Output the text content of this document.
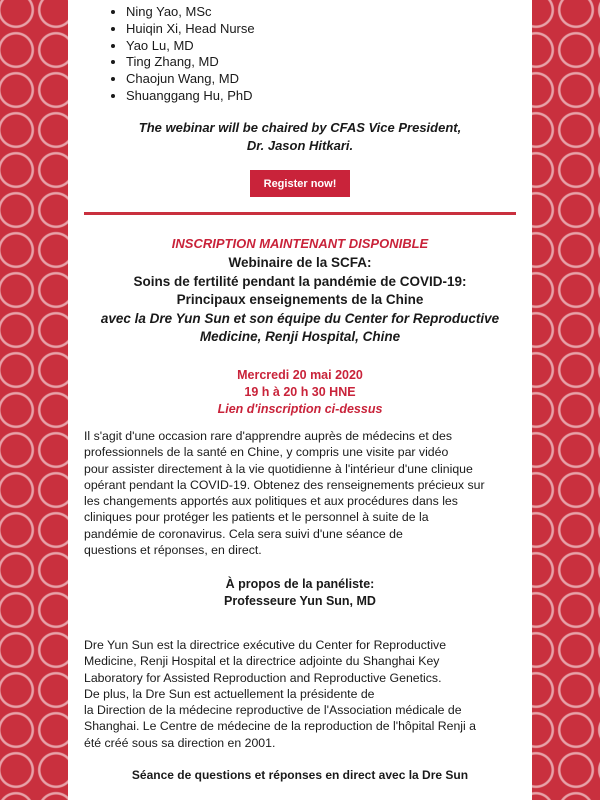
• Ning Yao, MSc
• Huiqin Xi, Head Nurse
• Yao Lu, MD
• Ting Zhang, MD
• Chaojun Wang, MD
• Shuanggang Hu, PhD
The webinar will be chaired by CFAS Vice President,
Dr. Jason Hitkari.
Register now!
INSCRIPTION MAINTENANT DISPONIBLE
Webinaire de la SCFA:
Soins de fertilité pendant la pandémie de COVID-19:
Principaux enseignements de la Chine
avec la Dre Yun Sun et son équipe du Center for Reproductive
Medicine, Renji Hospital, Chine
Mercredi 20 mai 2020
19 h à 20 h 30 HNE
Lien d'inscription ci-dessus
Il s'agit d'une occasion rare d'apprendre auprès de médecins et des
professionnels de la santé en Chine, y compris une visite par vidéo
pour assister directement à la vie quotidienne à l'intérieur d'une clinique
opérant pendant la COVID-19. Obtenez des renseignements précieux sur
les changements apportés aux politiques et aux procédures dans les
cliniques pour protéger les patients et le personnel à suite de la
pandémie de coronavirus. Cela sera suivi d'une séance de
questions et réponses, en direct.
À propos de la panéliste:
Professeure Yun Sun, MD
Dre Yun Sun est la directrice exécutive du Center for Reproductive
Medicine, Renji Hospital et la directrice adjointe du Shanghai Key
Laboratory for Assisted Reproduction and Reproductive Genetics.
De plus, la Dre Sun est actuellement la présidente de
la Direction de la médecine reproductive de l'Association médicale de
Shanghai. Le Centre de médecine de la reproduction de l'hôpital Renji a
été créé sous sa direction en 2001.
Séance de questions et réponses en direct avec la Dre Sun
